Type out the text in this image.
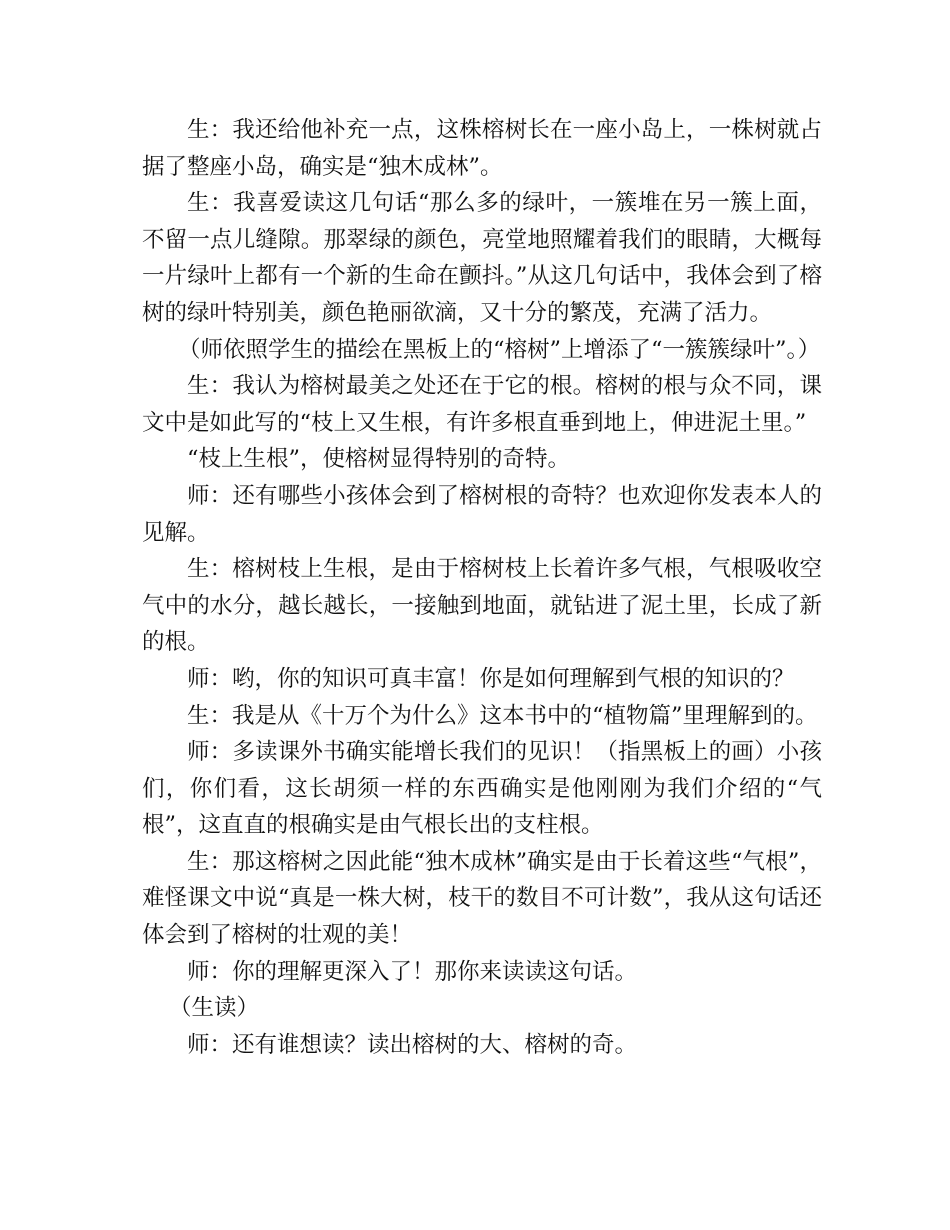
生：我还给他补充一点，这株榕树长在一座小岛上，一株树就占据了整座小岛，确实是“独木成林”。

生：我喜爱读这几句话“那么多的绿叶，一簇堆在另一簇上面，不留一点儿缝隙。那翠绿的颜色，亮堂地照耀着我们的眼睛，大概每一片绿叶上都有一个新的生命在颤抖。”从这几句话中，我体会到了榕树的绿叶特别美，颜色艳丽欲滴，又十分的繁茂，充满了活力。

（师依照学生的描绘在黑板上的“榕树”上增添了“一簇簇绿叶”。）

生：我认为榕树最美之处还在于它的根。榕树的根与众不同，课文中是如此写的“枝上又生根，有许多根直垂到地上，伸进泥土里。”

“枝上生根”，使榕树显得特别的奇特。

师：还有哪些小孩体会到了榕树根的奇特？也欢迎你发表本人的见解。

生：榕树枝上生根，是由于榕树枝上长着许多气根，气根吸收空气中的水分，越长越长，一接触到地面，就钻进了泥土里，长成了新的根。

师：哟，你的知识可真丰富！你是如何理解到气根的知识的？

生：我是从《十万个为什么》这本书中的“植物篇”里理解到的。

师：多读课外书确实能增长我们的见识！（指黑板上的画）小孩们，你们看，这长胡须一样的东西确实是他刚刚为我们介绍的“气根”，这直直的根确实是由气根长出的支柱根。

生：那这榕树之因此能“独木成林”确实是由于长着这些“气根”，难怪课文中说“真是一株大树，枝干的数目不可计数”，我从这句话还体会到了榕树的壮观的美！

师：你的理解更深入了！那你来读读这句话。

（生读）

师：还有谁想读？读出榕树的大、榕树的奇。
